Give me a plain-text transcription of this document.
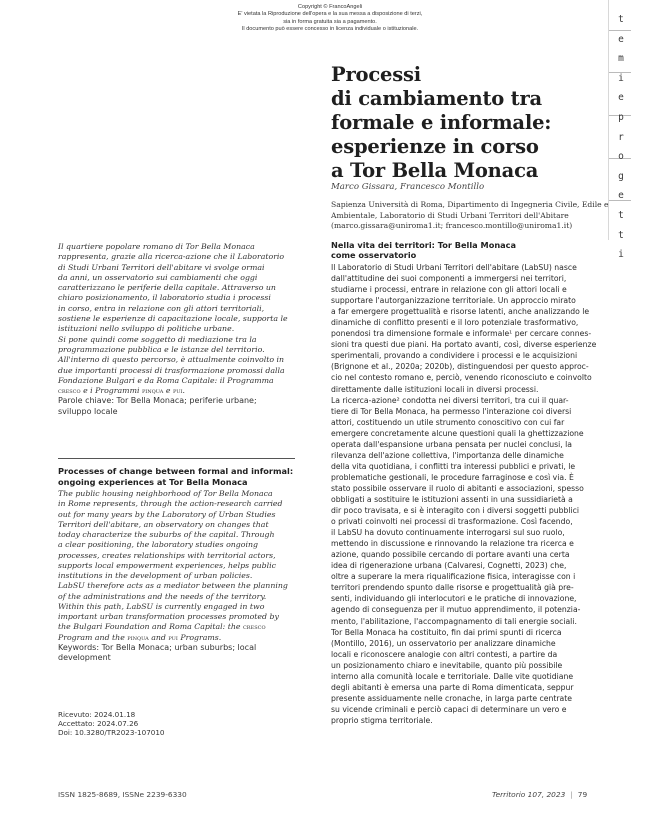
Copyright © FrancoAngeli
E' vietata la Riproduzione dell'opera e la sua messa a disposizione di terzi,
sia in forma gratuita sia a pagamento.
Il documento può essere concesso in licenza individuale o istituzionale.
t
e
m
i
e
p
r
o
g
e
t
t
i
Processi
di cambiamento tra
formale e informale:
esperienze in corso
a Tor Bella Monaca
Marco Gissara, Francesco Montillo
Sapienza Università di Roma, Dipartimento di Ingegneria Civile, Edile e
Ambientale, Laboratorio di Studi Urbani Territori dell'Abitare
(marco.gissara@uniroma1.it; francesco.montillo@uniroma1.it)
Il quartiere popolare romano di Tor Bella Monaca
rappresenta, grazie alla ricerca-azione che il Laboratorio
di Studi Urbani Territori dell'abitare vi svolge ormai
da anni, un osservatorio sui cambiamenti che oggi
caratterizzano le periferie della capitale. Attraverso un
chiaro posizionamento, il laboratorio studia i processi
in corso, entra in relazione con gli attori territoriali,
sostiene le esperienze di capacitazione locale, supporta le
istituzioni nello sviluppo di politiche urbane.
Si pone quindi come soggetto di mediazione tra la
programmazione pubblica e le istanze del territorio.
All'interno di questo percorso, è attualmente coinvolto in
due importanti processi di trasformazione promossi dalla
Fondazione Bulgari e da Roma Capitale: il Programma
cresco e i Programmi pinqua e pui.
Parole chiave: Tor Bella Monaca; periferie urbane;
sviluppo locale
Processes of change between formal and informal:
ongoing experiences at Tor Bella Monaca
The public housing neighborhood of Tor Bella Monaca
in Rome represents, through the action-research carried
out for many years by the Laboratory of Urban Studies
Territori dell'abitare, an observatory on changes that
today characterize the suburbs of the capital. Through
a clear positioning, the laboratory studies ongoing
processes, creates relationships with territorial actors,
supports local empowerment experiences, helps public
institutions in the development of urban policies.
LabSU therefore acts as a mediator between the planning
of the administrations and the needs of the territory.
Within this path, LabSU is currently engaged in two
important urban transformation processes promoted by
the Bulgari Foundation and Roma Capital: the cresco
Program and the pinqua and pui Programs.
Keywords: Tor Bella Monaca; urban suburbs; local
development
Ricevuto: 2024.01.18
Accettato: 2024.07.26
Doi: 10.3280/TR2023-107010
Nella vita dei territori: Tor Bella Monaca
come osservatorio
Il Laboratorio di Studi Urbani Territori dell'abitare (LabSU) nasce
dall'attitudine dei suoi componenti a immergersi nei territori,
studiarne i processi, entrare in relazione con gli attori locali e
supportare l'autorganizzazione territoriale. Un approccio mirato
a far emergere progettualità e risorse latenti, anche analizzando le
dinamiche di conflitto presenti e il loro potenziale trasformativo,
ponendosi tra dimensione formale e informale¹ per cercare connes-
sioni tra questi due piani. Ha portato avanti, così, diverse esperienze
sperimentali, provando a condividere i processi e le acquisizioni
(Brignone et al., 2020a; 2020b), distinguendosi per questo approc-
cio nel contesto romano e, perciò, venendo riconosciuto e coinvolto
direttamente dalle istituzioni locali in diversi processi.
La ricerca-azione² condotta nei diversi territori, tra cui il quar-
tiere di Tor Bella Monaca, ha permesso l'interazione coi diversi
attori, costituendo un utile strumento conoscitivo con cui far
emergere concretamente alcune questioni quali la ghettizzazione
operata dall'espansione urbana pensata per nuclei conclusi, la
rilevanza dell'azione collettiva, l'importanza delle dinamiche
della vita quotidiana, i conflitti tra interessi pubblici e privati, le
problematiche gestionali, le procedure farraginose e così via. È
stato possibile osservare il ruolo di abitanti e associazioni, spesso
obbligati a sostituire le istituzioni assenti in una sussidiarietà a
dir poco travisata, e si è interagito con i diversi soggetti pubblici
o privati coinvolti nei processi di trasformazione. Così facendo,
il LabSU ha dovuto continuamente interrogarsi sul suo ruolo,
mettendo in discussione e rinnovando la relazione tra ricerca e
azione, quando possibile cercando di portare avanti una certa
idea di rigenerazione urbana (Calvaresi, Cognetti, 2023) che,
oltre a superare la mera riqualificazione fisica, interagisse con i
territori prendendo spunto dalle risorse e progettualità già pre-
senti, individuando gli interlocutori e le pratiche di innovazione,
agendo di conseguenza per il mutuo apprendimento, il potenzia-
mento, l'abilitazione, l'accompagnamento di tali energie sociali.
Tor Bella Monaca ha costituito, fin dai primi spunti di ricerca
(Montillo, 2016), un osservatorio per analizzare dinamiche
locali e riconoscere analogie con altri contesti, a partire da
un posizionamento chiaro e inevitabile, quanto più possibile
interno alla comunità locale e territoriale. Dalle vite quotidiane
degli abitanti è emersa una parte di Roma dimenticata, seppur
presente assiduamente nelle cronache, in larga parte centrate
su vicende criminali e perciò capaci di determinare un vero e
proprio stigma territoriale.
ISSN 1825-8689, ISSNe 2239-6330	Territorio 107, 2023 | 79
